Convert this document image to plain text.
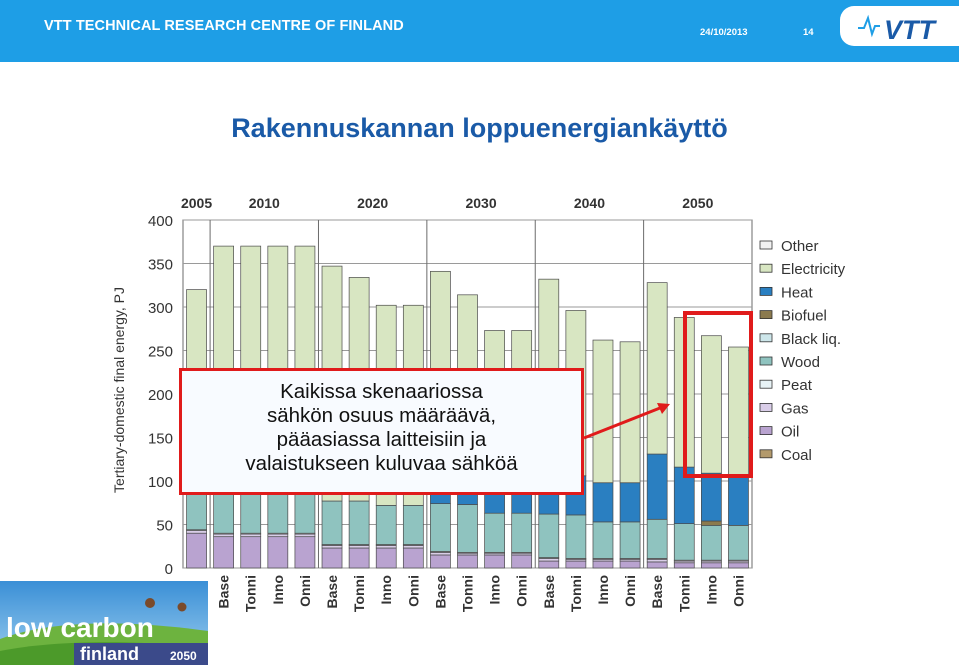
VTT TECHNICAL RESEARCH CENTRE OF FINLAND	24/10/2013	14	VTT
Rakennuskannan loppuenergiankäyttö
0
50
100
150
200
250
300
350
400
2005	2010	2020	2030	2040	2050
Base Tonni Inno Onni Base Tonni Inno Onni Base Tonni Inno Onni Base Tonni Inno Onni Base Tonni Inno Onni
Tertiary-domestic final energy, PJ
Other
Electricity
Heat
Biofuel
Black liq.
Wood
Peat
Gas
Oil
Coal
Kaikissa skenaariossa
sähkön osuus määräävä,
pääasiassa laitteisiin ja
valaistukseen kuluvaa sähköä
low carbon
finland	2050
